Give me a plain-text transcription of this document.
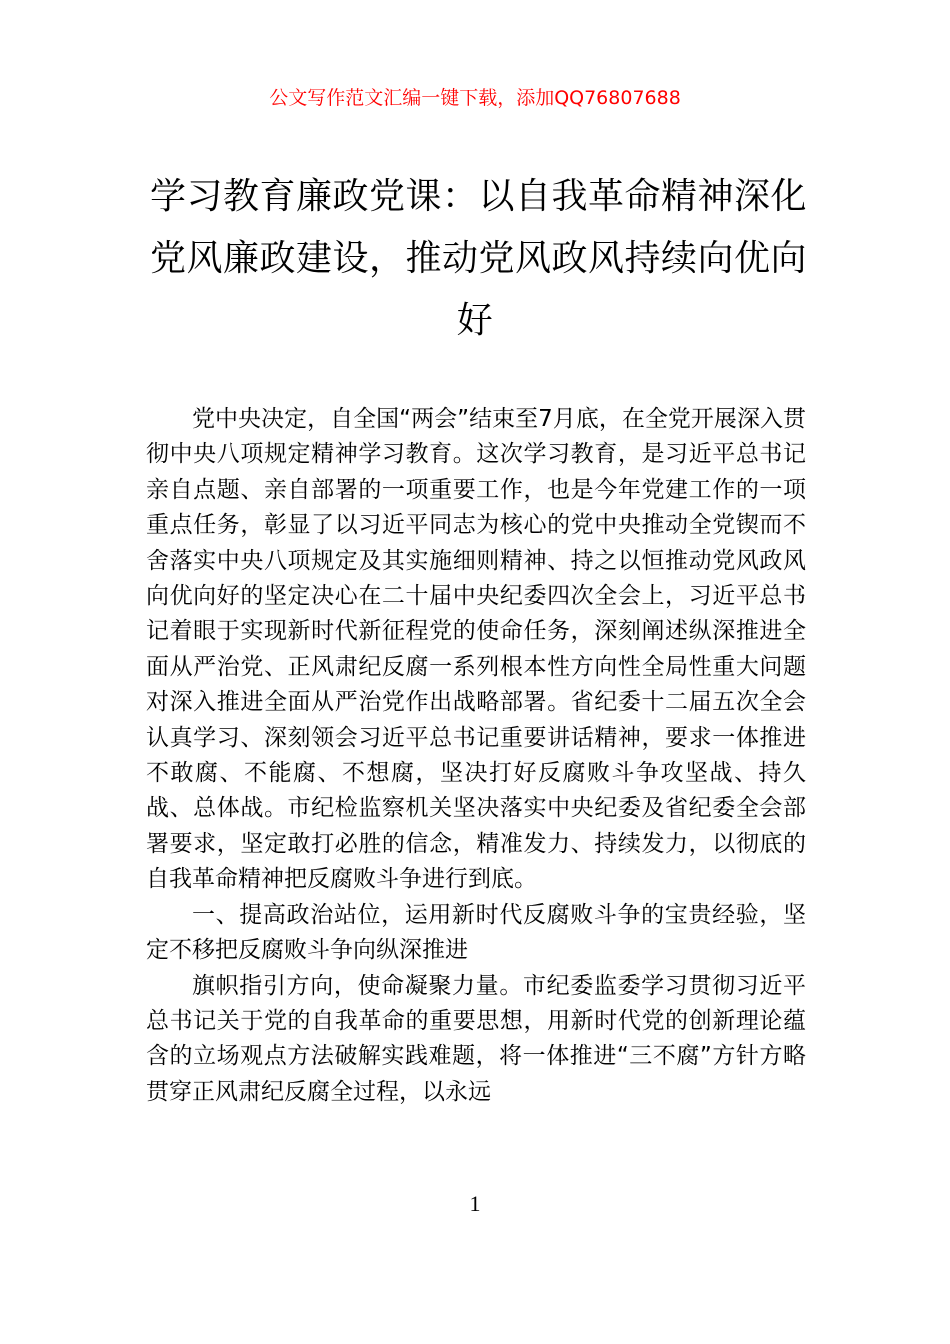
公文写作范文汇编一键下载，添加QQ76807688
学习教育廉政党课：以自我革命精神深化
党风廉政建设，推动党风政风持续向优向
好

党中央决定，自全国“两会”结束至7月底，在全党开展深入贯彻中央八项规定精神学习教育。这次学习教育，是习近平总书记亲自点题、亲自部署的一项重要工作，也是今年党建工作的一项重点任务，彰显了以习近平同志为核心的党中央推动全党锲而不舍落实中央八项规定及其实施细则精神、持之以恒推动党风政风向优向好的坚定决心在二十届中央纪委四次全会上，习近平总书记着眼于实现新时代新征程党的使命任务，深刻阐述纵深推进全面从严治党、正风肃纪反腐一系列根本性方向性全局性重大问题对深入推进全面从严治党作出战略部署。省纪委十二届五次全会认真学习、深刻领会习近平总书记重要讲话精神，要求一体推进不敢腐、不能腐、不想腐，坚决打好反腐败斗争攻坚战、持久战、总体战。市纪检监察机关坚决落实中央纪委及省纪委全会部署要求，坚定敢打必胜的信念，精准发力、持续发力，以彻底的自我革命精神把反腐败斗争进行到底。

一、提高政治站位，运用新时代反腐败斗争的宝贵经验，坚定不移把反腐败斗争向纵深推进

旗帜指引方向，使命凝聚力量。市纪委监委学习贯彻习近平总书记关于党的自我革命的重要思想，用新时代党的创新理论蕴含的立场观点方法破解实践难题，将一体推进“三不腐”方针方略贯穿正风肃纪反腐全过程，以永远

1
